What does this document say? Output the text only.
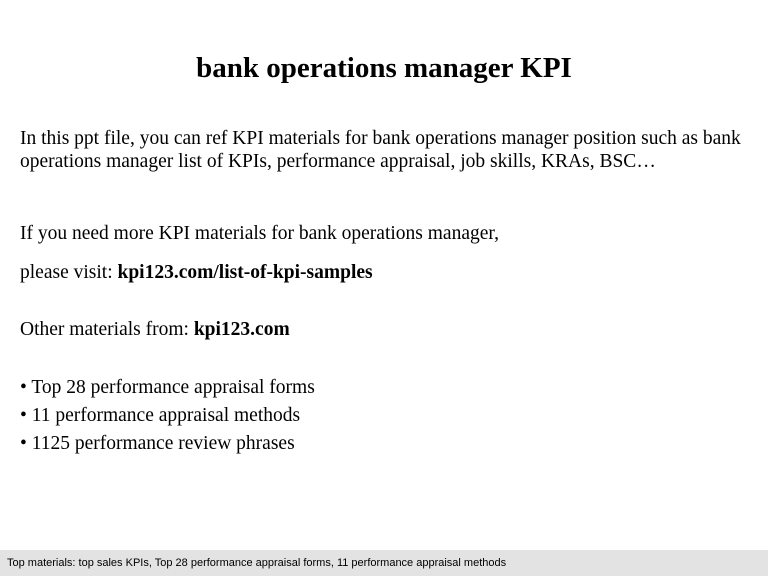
bank operations manager KPI

In this ppt file, you can ref KPI materials for bank operations manager position such as bank operations manager list of KPIs, performance appraisal, job skills, KRAs, BSC…

If you need more KPI materials for bank operations manager,

please visit: kpi123.com/list-of-kpi-samples

Other materials from: kpi123.com

• Top 28 performance appraisal forms
• 11 performance appraisal methods
• 1125 performance review phrases
Top materials: top sales KPIs, Top 28 performance appraisal forms, 11 performance appraisal methods
